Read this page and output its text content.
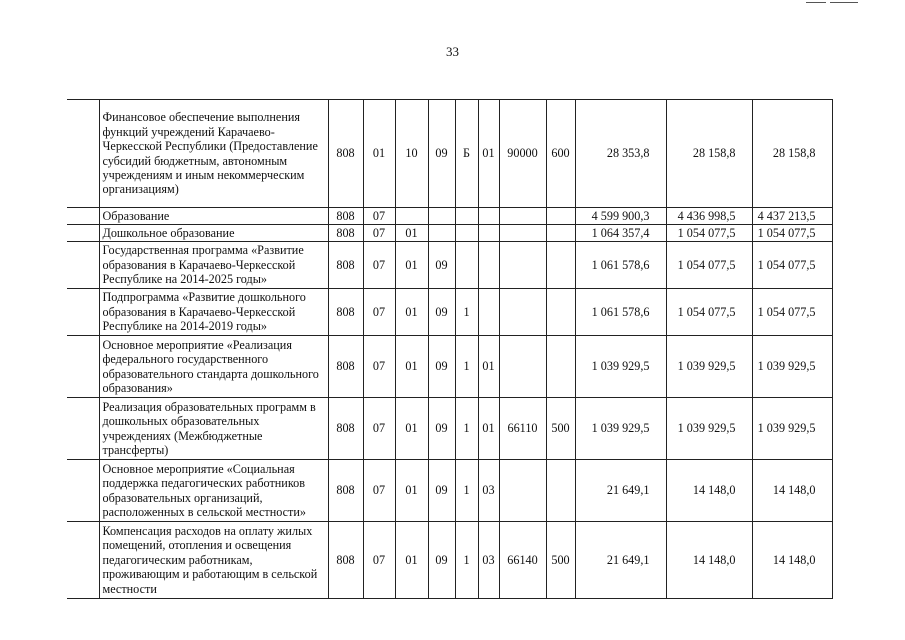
33
	Финансовое обеспечение выполнения функций учреждений Карачаево-Черкесской Республики (Предоставление субсидий бюджетным, автономным учреждениям и иным некоммерческим организациям)	808	01	10	09	Б	01	90000	600	28 353,8	28 158,8	28 158,8
	Образование	808	07							4 599 900,3	4 436 998,5	4 437 213,5
	Дошкольное образование	808	07	01						1 064 357,4	1 054 077,5	1 054 077,5
	Государственная программа «Развитие образования в Карачаево-Черкесской Республике на 2014-2025 годы»	808	07	01	09					1 061 578,6	1 054 077,5	1 054 077,5
	Подпрограмма «Развитие дошкольного образования в Карачаево-Черкесской Республике на 2014-2019 годы»	808	07	01	09	1				1 061 578,6	1 054 077,5	1 054 077,5
	Основное мероприятие «Реализация федерального государственного образовательного стандарта дошкольного образования»	808	07	01	09	1	01			1 039 929,5	1 039 929,5	1 039 929,5
	Реализация образовательных программ в дошкольных образовательных учреждениях (Межбюджетные трансферты)	808	07	01	09	1	01	66110	500	1 039 929,5	1 039 929,5	1 039 929,5
	Основное мероприятие «Социальная поддержка педагогических работников образовательных организаций, расположенных в сельской местности»	808	07	01	09	1	03			21 649,1	14 148,0	14 148,0
	Компенсация расходов на оплату жилых помещений, отопления и освещения педагогическим работникам, проживающим и работающим в сельской местности	808	07	01	09	1	03	66140	500	21 649,1	14 148,0	14 148,0
